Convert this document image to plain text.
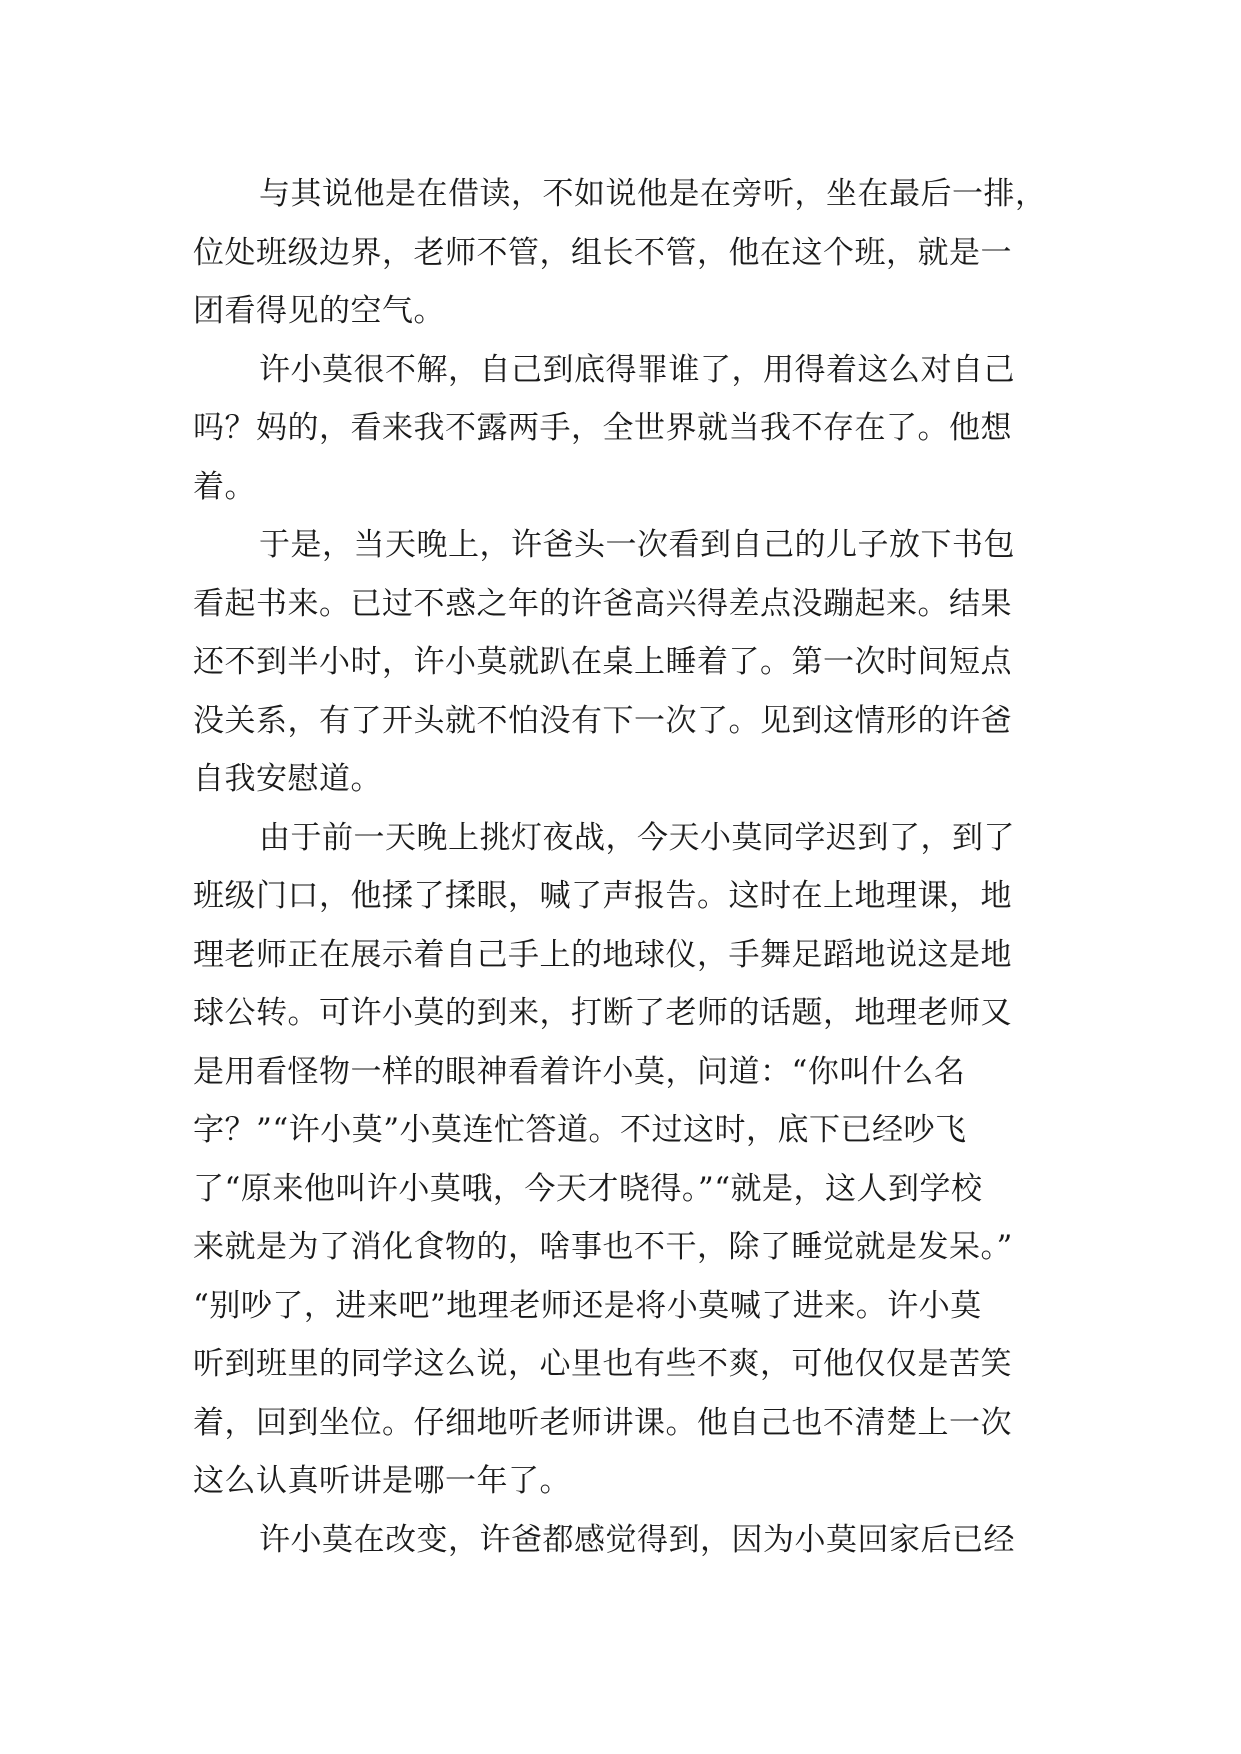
与其说他是在借读，不如说他是在旁听，坐在最后一排，
位处班级边界，老师不管，组长不管，他在这个班，就是一
团看得见的空气。
许小莫很不解，自己到底得罪谁了，用得着这么对自己
吗？妈的，看来我不露两手，全世界就当我不存在了。他想
着。
于是，当天晚上，许爸头一次看到自己的儿子放下书包
看起书来。已过不惑之年的许爸高兴得差点没蹦起来。结果
还不到半小时，许小莫就趴在桌上睡着了。第一次时间短点
没关系，有了开头就不怕没有下一次了。见到这情形的许爸
自我安慰道。
由于前一天晚上挑灯夜战，今天小莫同学迟到了，到了
班级门口，他揉了揉眼，喊了声报告。这时在上地理课，地
理老师正在展示着自己手上的地球仪，手舞足蹈地说这是地
球公转。可许小莫的到来，打断了老师的话题，地理老师又
是用看怪物一样的眼神看着许小莫，问道：“你叫什么名
字？”“许小莫”小莫连忙答道。不过这时，底下已经吵飞
了“原来他叫许小莫哦，今天才晓得。”“就是，这人到学校
来就是为了消化食物的，啥事也不干，除了睡觉就是发呆。”
“别吵了，进来吧”地理老师还是将小莫喊了进来。许小莫
听到班里的同学这么说，心里也有些不爽，可他仅仅是苦笑
着，回到坐位。仔细地听老师讲课。他自己也不清楚上一次
这么认真听讲是哪一年了。
许小莫在改变，许爸都感觉得到，因为小莫回家后已经
